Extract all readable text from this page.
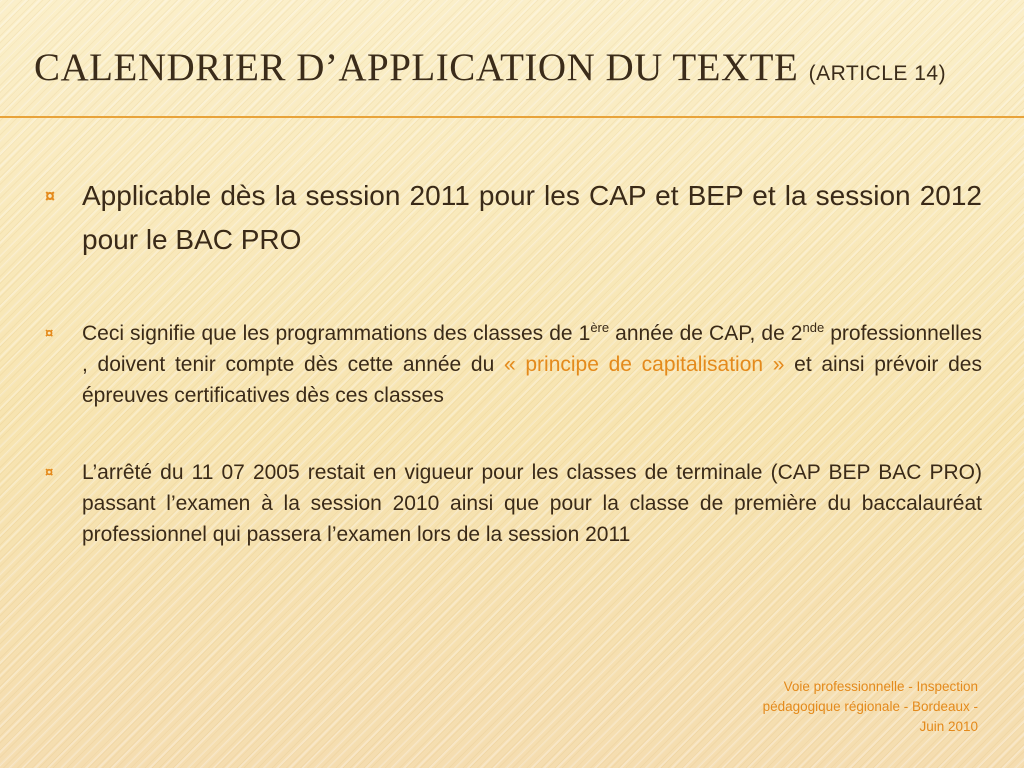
CALENDRIER D’APPLICATION DU TEXTE (ARTICLE 14)
¤ Applicable dès la session 2011 pour les CAP et BEP et la session 2012 pour le BAC PRO
¤ Ceci signifie que les programmations des classes de 1ère année de CAP, de 2nde professionnelles , doivent tenir compte dès cette année du « principe de capitalisation » et ainsi prévoir des épreuves certificatives dès ces classes
¤ L’arrêté du 11 07 2005 restait en vigueur pour les classes de terminale (CAP BEP BAC PRO) passant l’examen à la session 2010 ainsi que pour la classe de première du baccalauréat professionnel qui passera l’examen lors de la session 2011
Voie professionnelle - Inspection
pédagogique régionale - Bordeaux -
Juin 2010
